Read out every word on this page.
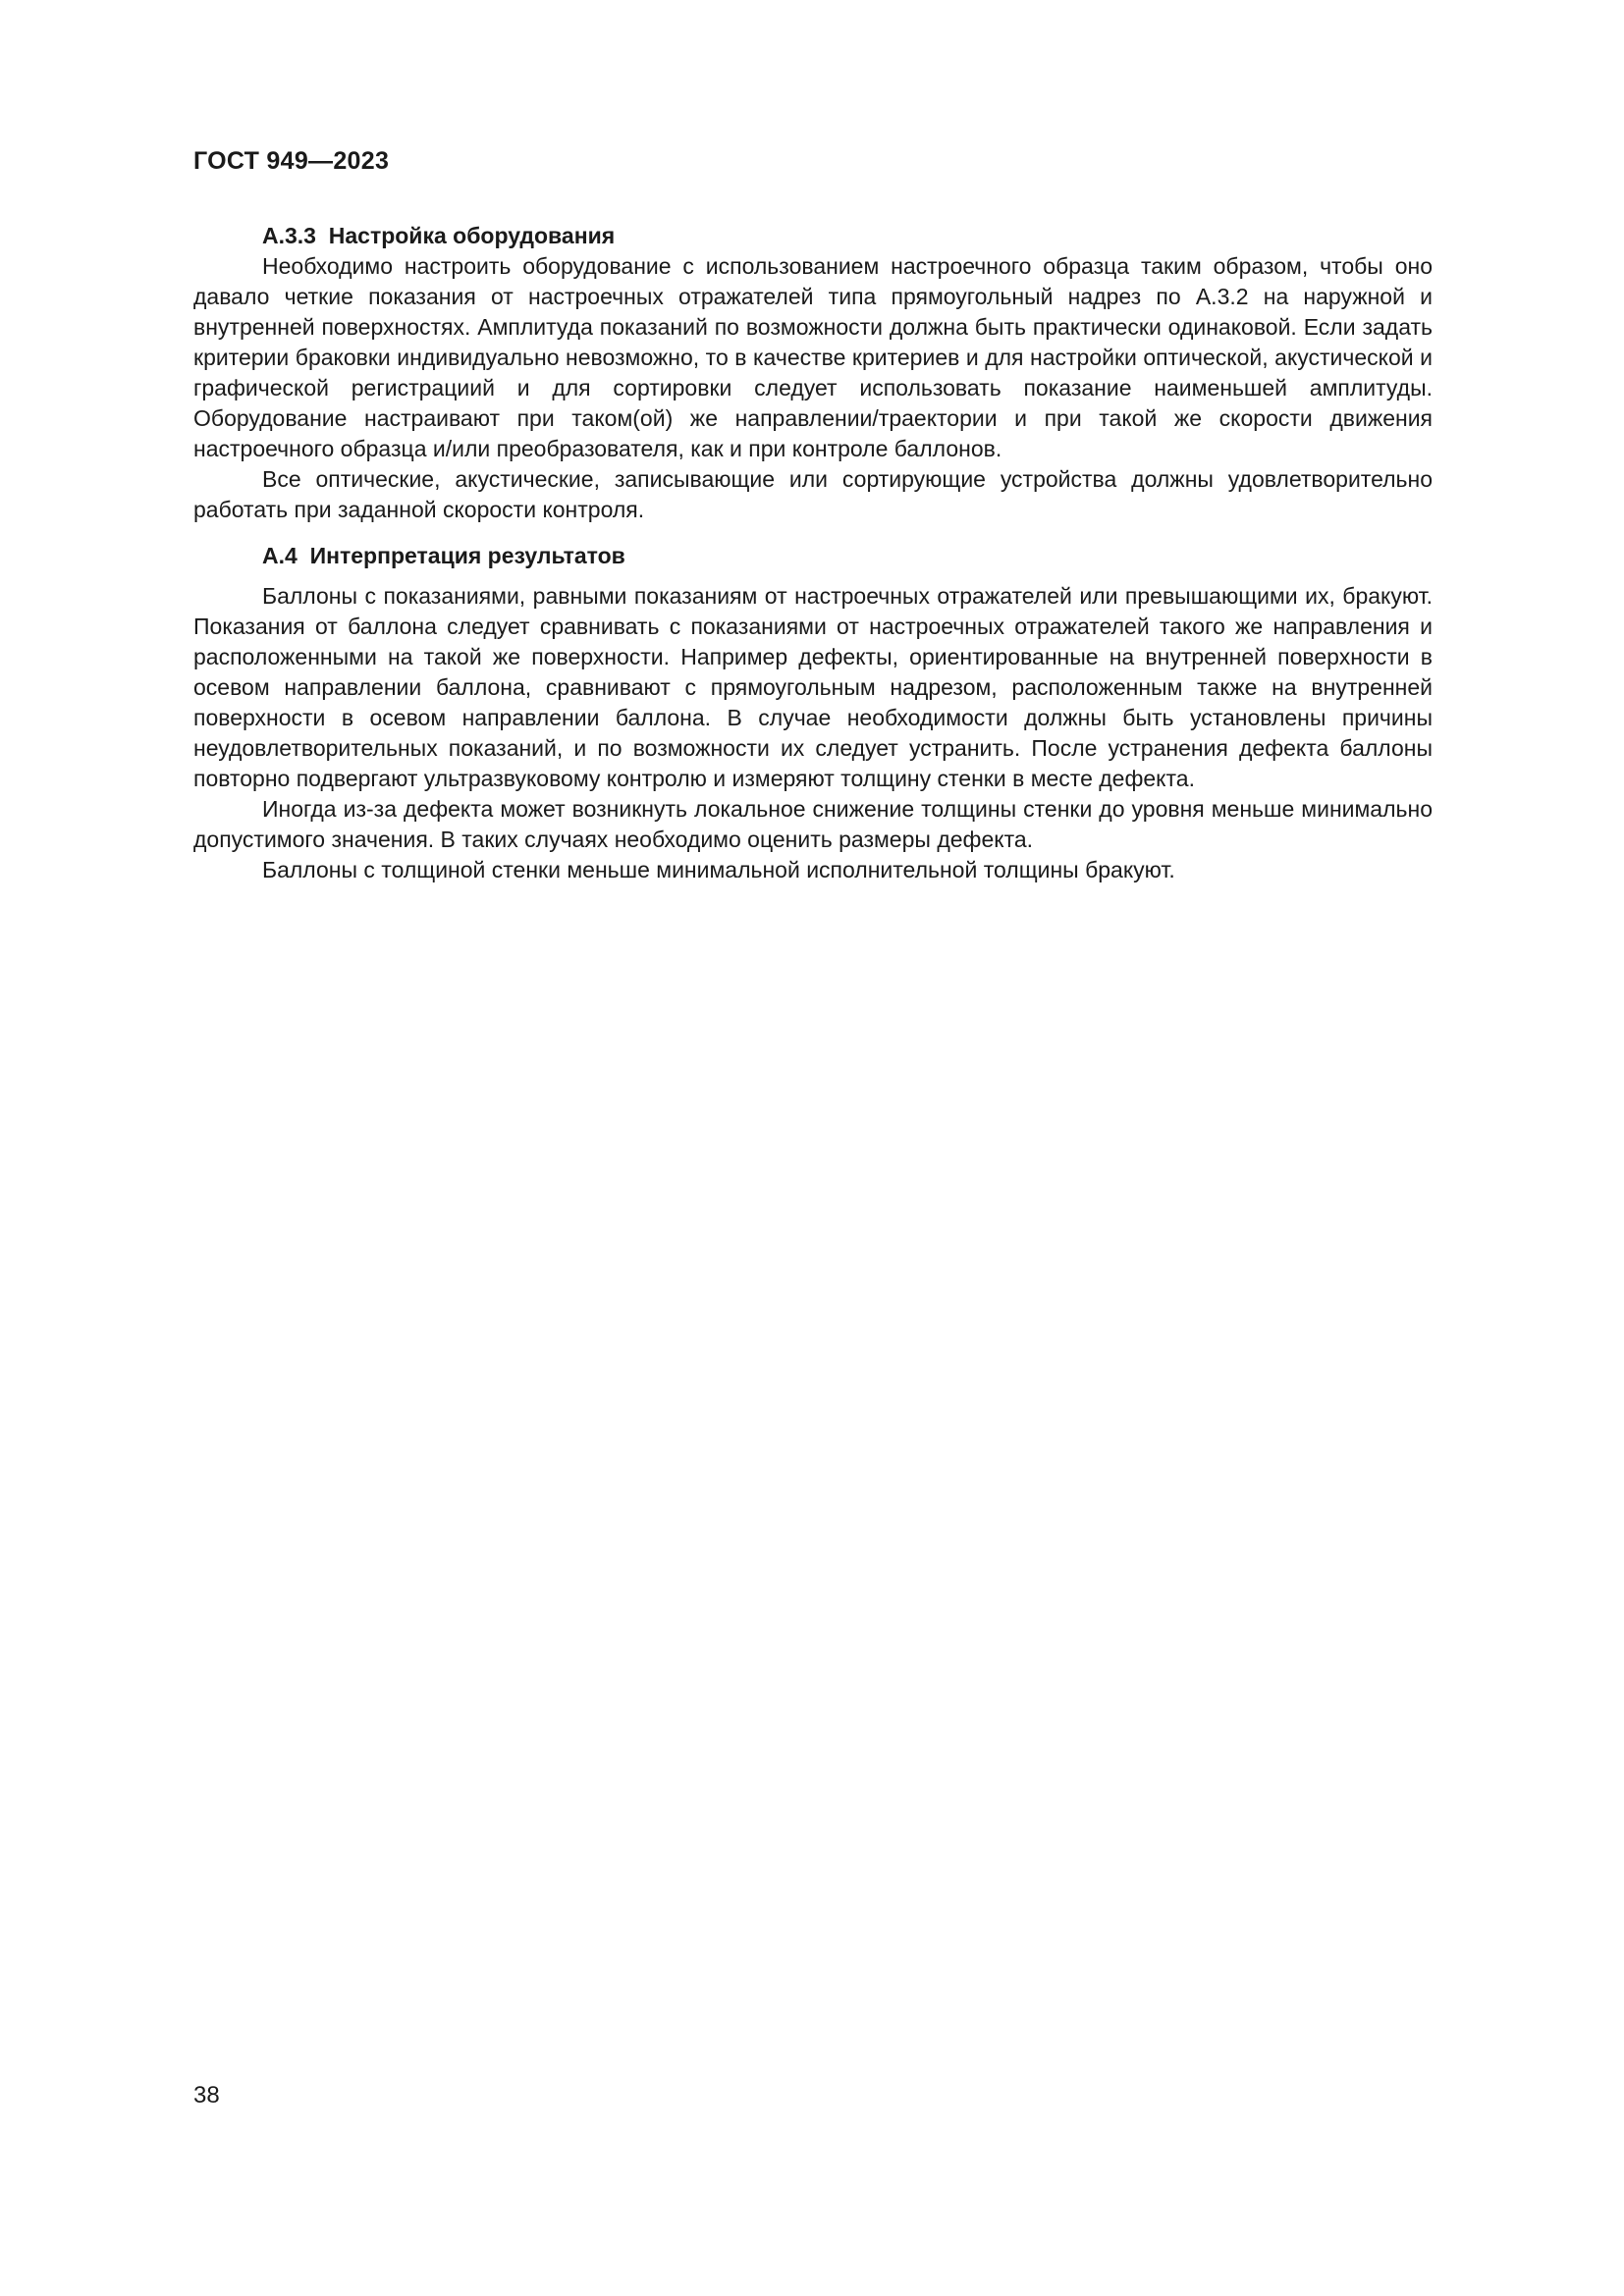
ГОСТ 949—2023

А.3.3  Настройка оборудования

Необходимо настроить оборудование с использованием настроечного образца таким образом, чтобы оно давало четкие показания от настроечных отражателей типа прямоугольный надрез по А.3.2 на наружной и внутренней поверхностях. Амплитуда показаний по возможности должна быть практически одинаковой. Если задать критерии браковки индивидуально невозможно, то в качестве критериев и для настройки оптической, акустической и графической регистрациий и для сортировки следует использовать показание наименьшей амплитуды. Оборудование настраивают при таком(ой) же направлении/траектории и при такой же скорости движения настроечного образца и/или преобразователя, как и при контроле баллонов.

Все оптические, акустические, записывающие или сортирующие устройства должны удовлетворительно работать при заданной скорости контроля.

А.4  Интерпретация результатов

Баллоны с показаниями, равными показаниям от настроечных отражателей или превышающими их, бракуют. Показания от баллона следует сравнивать с показаниями от настроечных отражателей такого же направления и расположенными на такой же поверхности. Например дефекты, ориентированные на внутренней поверхности в осевом направлении баллона, сравнивают с прямоугольным надрезом, расположенным также на внутренней поверхности в осевом направлении баллона. В случае необходимости должны быть установлены причины неудовлетворительных показаний, и по возможности их следует устранить. После устранения дефекта баллоны повторно подвергают ультразвуковому контролю и измеряют толщину стенки в месте дефекта.

Иногда из-за дефекта может возникнуть локальное снижение толщины стенки до уровня меньше минимально допустимого значения. В таких случаях необходимо оценить размеры дефекта.

Баллоны с толщиной стенки меньше минимальной исполнительной толщины бракуют.

38
